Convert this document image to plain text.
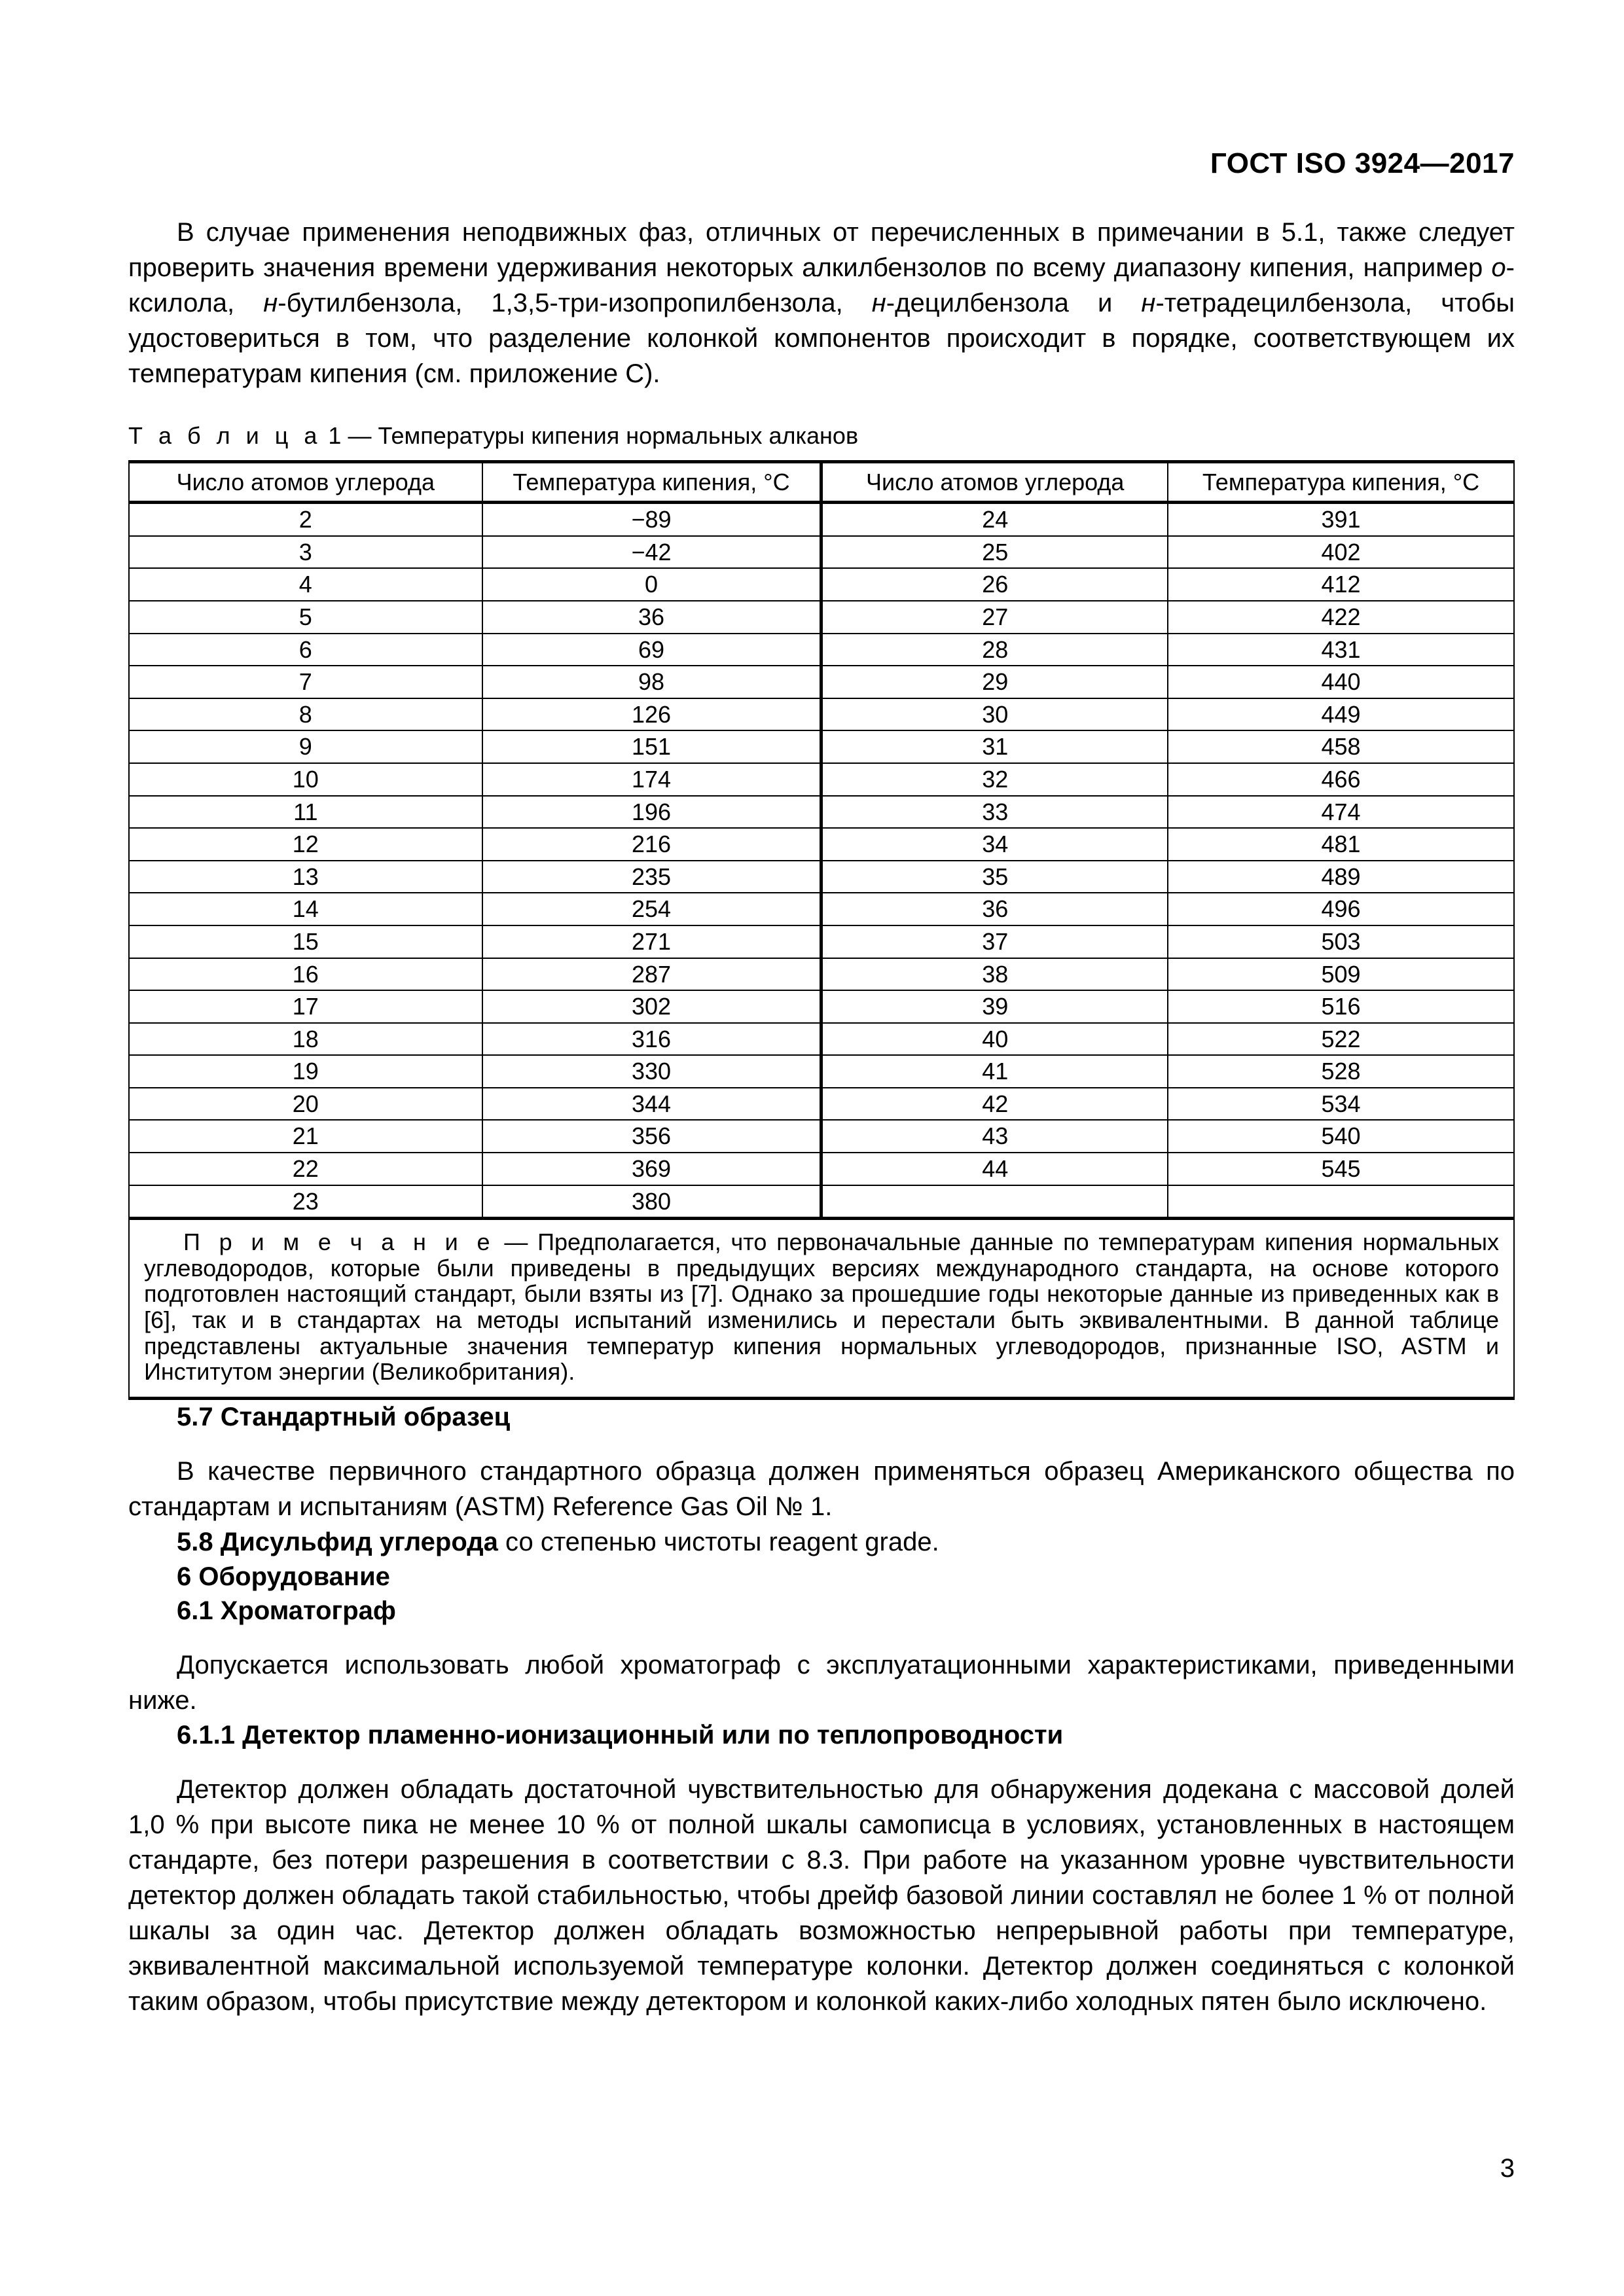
ГОСТ ISO 3924—2017
В случае применения неподвижных фаз, отличных от перечисленных в примечании в 5.1, также следует проверить значения времени удерживания некоторых алкилбензолов по всему диапазону кипения, например о-ксилола, н-бутилбензола, 1,3,5-три-изопропилбензола, н-децилбензола и н-тетрадецилбензола, чтобы удостовериться в том, что разделение колонкой компонентов происходит в порядке, соответствующем их температурам кипения (см. приложение С).
Т а б л и ц а 1 — Температуры кипения нормальных алканов
Число атомов углерода	Температура кипения, °C	Число атомов углерода	Температура кипения, °C
2	−89	24	391
3	−42	25	402
4	0	26	412
5	36	27	422
6	69	28	431
7	98	29	440
8	126	30	449
9	151	31	458
10	174	32	466
11	196	33	474
12	216	34	481
13	235	35	489
14	254	36	496
15	271	37	503
16	287	38	509
17	302	39	516
18	316	40	522
19	330	41	528
20	344	42	534
21	356	43	540
22	369	44	545
23	380		

П р и м е ч а н и е — Предполагается, что первоначальные данные по температурам кипения нормальных углеводородов, которые были приведены в предыдущих версиях международного стандарта, на основе которого подготовлен настоящий стандарт, были взяты из [7]. Однако за прошедшие годы некоторые данные из приведенных как в [6], так и в стандартах на методы испытаний изменились и перестали быть эквивалентными. В данной таблице представлены актуальные значения температур кипения нормальных углеводородов, признанные ISO, ASTM и Институтом энергии (Великобритания).			

5.7 Стандартный образец
В качестве первичного стандартного образца должен применяться образец Американского общества по стандартам и испытаниям (ASTM) Reference Gas Oil № 1.
5.8 Дисульфид углерода со степенью чистоты reagent grade.
6 Оборудование
6.1 Хроматограф
Допускается использовать любой хроматограф с эксплуатационными характеристиками, приведенными ниже.
6.1.1 Детектор пламенно-ионизационный или по теплопроводности
Детектор должен обладать достаточной чувствительностью для обнаружения додекана с массовой долей 1,0 % при высоте пика не менее 10 % от полной шкалы самописца в условиях, установленных в настоящем стандарте, без потери разрешения в соответствии с 8.3. При работе на указанном уровне чувствительности детектор должен обладать такой стабильностью, чтобы дрейф базовой линии составлял не более 1 % от полной шкалы за один час. Детектор должен обладать возможностью непрерывной работы при температуре, эквивалентной максимальной используемой температуре колонки. Детектор должен соединяться с колонкой таким образом, чтобы присутствие между детектором и колонкой каких-либо холодных пятен было исключено.
3
